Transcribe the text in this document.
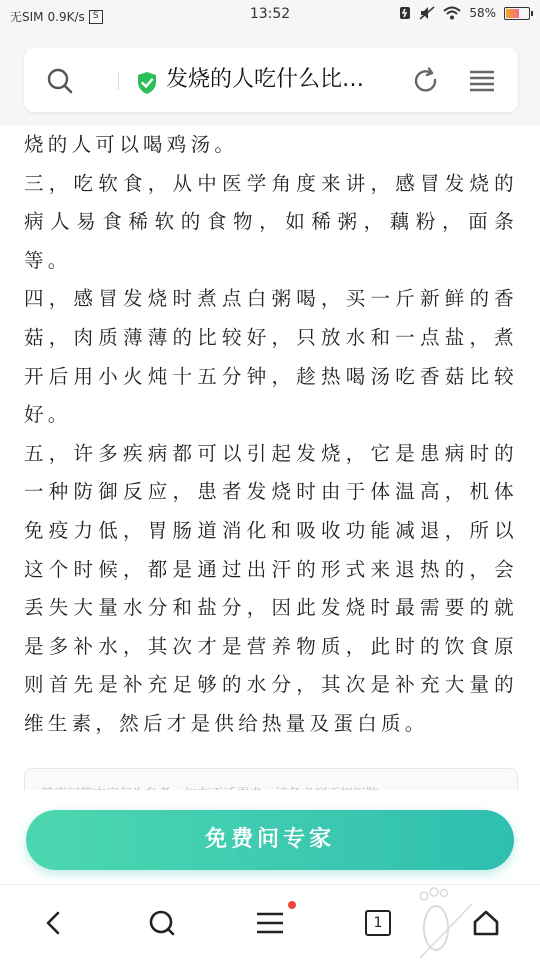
无SIM 0.9K/s S	13:52	58%
发烧的人吃什么比…

烧的人可以喝鸡汤。

三，吃软食，从中医学角度来讲，感冒发烧的病人易食稀软的食物，如稀粥，藕粉，面条等。

四，感冒发烧时煮点白粥喝，买一斤新鲜的香菇，肉质薄薄的比较好，只放水和一点盐，煮开后用小火炖十五分钟，趁热喝汤吃香菇比较好。

五，许多疾病都可以引起发烧，它是患病时的一种防御反应，患者发烧时由于体温高，机体免疫力低，胃肠道消化和吸收功能减退，所以这个时候，都是通过出汗的形式来退热的，会丢失大量水分和盐分，因此发烧时最需要的就是多补水，其次才是营养物质，此时的饮食原则首先是补充足够的水分，其次是补充大量的维生素，然后才是供给热量及蛋白质。

免费问专家
1
